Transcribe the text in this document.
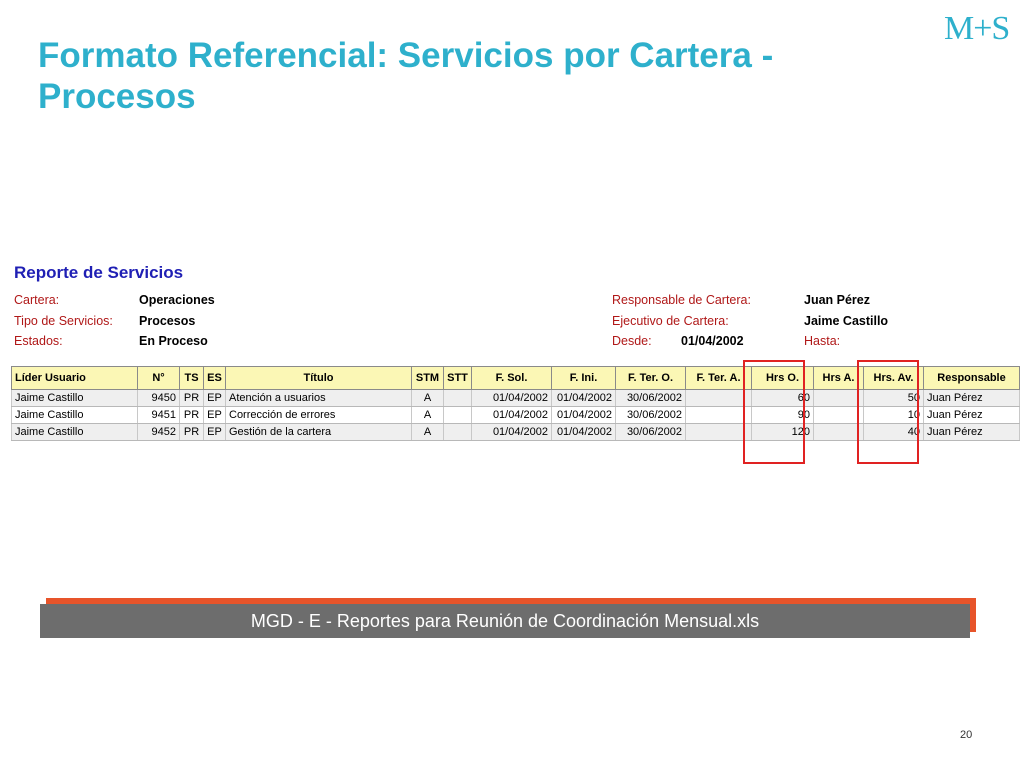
M+S
Formato Referencial: Servicios por Cartera - Procesos
Reporte de Servicios
Cartera:	Operaciones
Tipo de Servicios: Procesos
Estados:	En Proceso
Responsable de Cartera:	Juan Pérez
Ejecutivo de Cartera:	Jaime Castillo
Desde: 01/04/2002	Hasta:
Líder Usuario	N°	TS	ES	Título	STM	STT	F. Sol.	F. Ini.	F. Ter. O.	F. Ter. A.	Hrs O.	Hrs A.	Hrs. Av.	Responsable
Jaime Castillo	9450	PR	EP	Atención a usuarios	A		01/04/2002	01/04/2002	30/06/2002		60		50	Juan Pérez
Jaime Castillo	9451	PR	EP	Corrección de errores	A		01/04/2002	01/04/2002	30/06/2002		90		10	Juan Pérez
Jaime Castillo	9452	PR	EP	Gestión de la cartera	A		01/04/2002	01/04/2002	30/06/2002		120		40	Juan Pérez
MGD - E - Reportes para Reunión de Coordinación Mensual.xls
20
